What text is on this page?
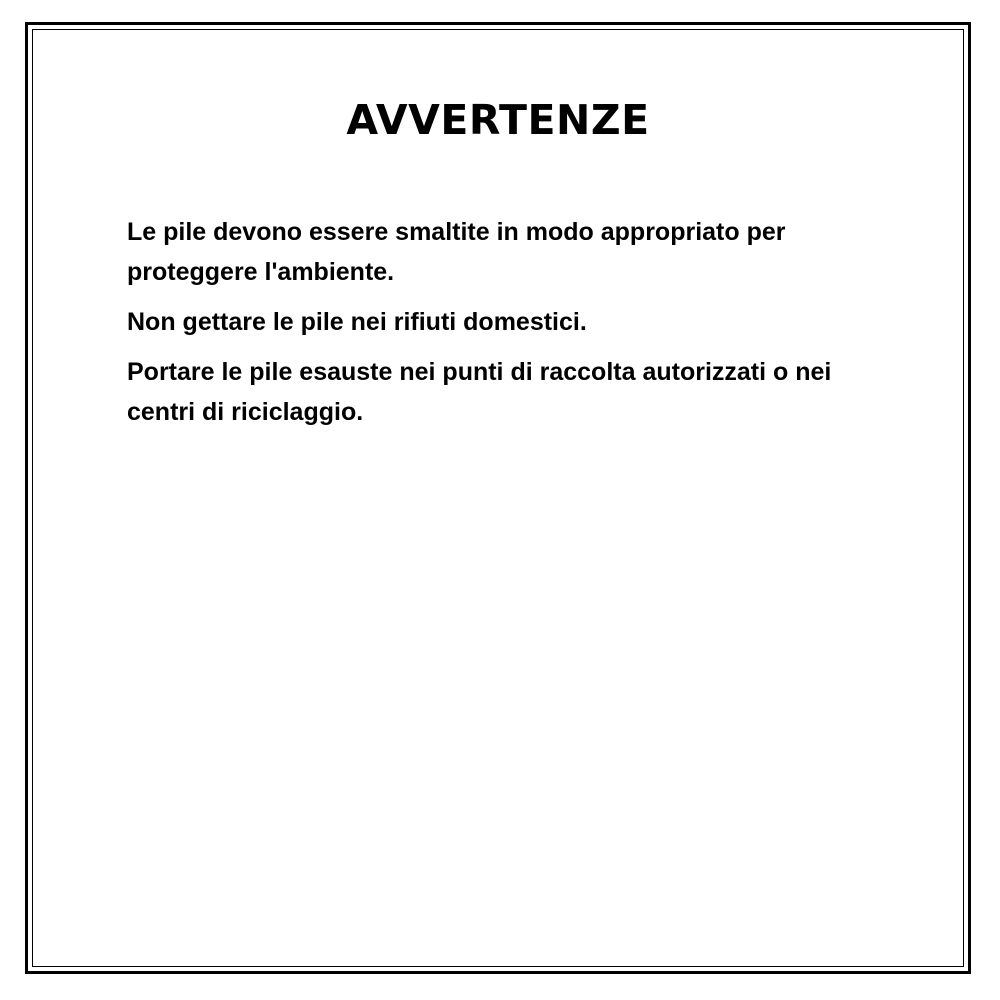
AVVERTENZE

Le pile devono essere smaltite in modo appropriato per proteggere l'ambiente.

Non gettare le pile nei rifiuti domestici.

Portare le pile esauste nei punti di raccolta autorizzati o nei centri di riciclaggio.
